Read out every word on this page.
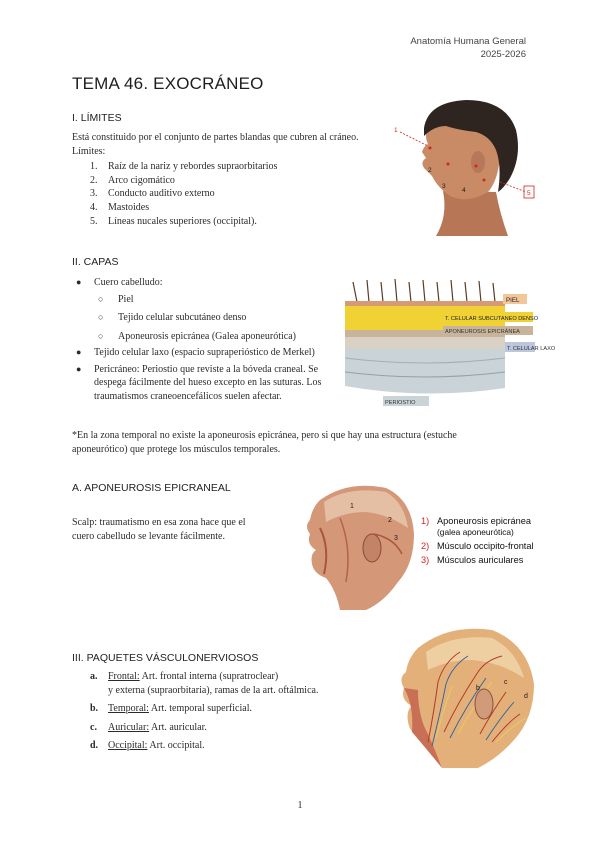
Anatomía Humana General
2025-2026
TEMA 46. EXOCRÁNEO
I. LÍMITES
Está constituido por el conjunto de partes blandas que cubren al cráneo.
Límites:
1. Raíz de la nariz y rebordes supraorbitarios
2. Arco cigomático
3. Conducto auditivo externo
4. Mastoides
5. Líneas nucales superiores (occipital).
1
5
2
3
4
II. CAPAS
● Cuero cabelludo:
○ Piel
○ Tejido celular subcutáneo denso
○ Aponeurosis epicránea (Galea aponeurótica)
● Tejido celular laxo (espacio supraperióstico de Merkel)
● Pericráneo: Periostio que reviste a la bóveda craneal. Se
despega fácilmente del hueso excepto en las suturas. Los
traumatismos craneoencefálicos suelen afectar.
PIEL
T. CELULAR SUBCUTANEO DENSO
APONEUROSIS EPICRÁNEA
T. CELULAR LAXO
PERIOSTIO
*En la zona temporal no existe la aponeurosis epicránea, pero si que hay una estructura (estuche
aponeurótico) que protege los músculos temporales.
A. APONEUROSIS EPICRANEAL
Scalp: traumatismo en esa zona hace que el
cuero cabelludo se levante fácilmente.
1
2
3
1) Aponeurosis epicránea
(galea aponeurótica)
2) Músculo occipito-frontal
3) Músculos auriculares
III. PAQUETES VÁSCULONERVIOSOS
a. Frontal: Art. frontal interna (supratroclear)
y externa (supraorbitaria), ramas de la art. oftálmica.
b. Temporal: Art. temporal superficial.
c. Auricular: Art. auricular.
d. Occipital: Art. occipital.
b
c
d
1
